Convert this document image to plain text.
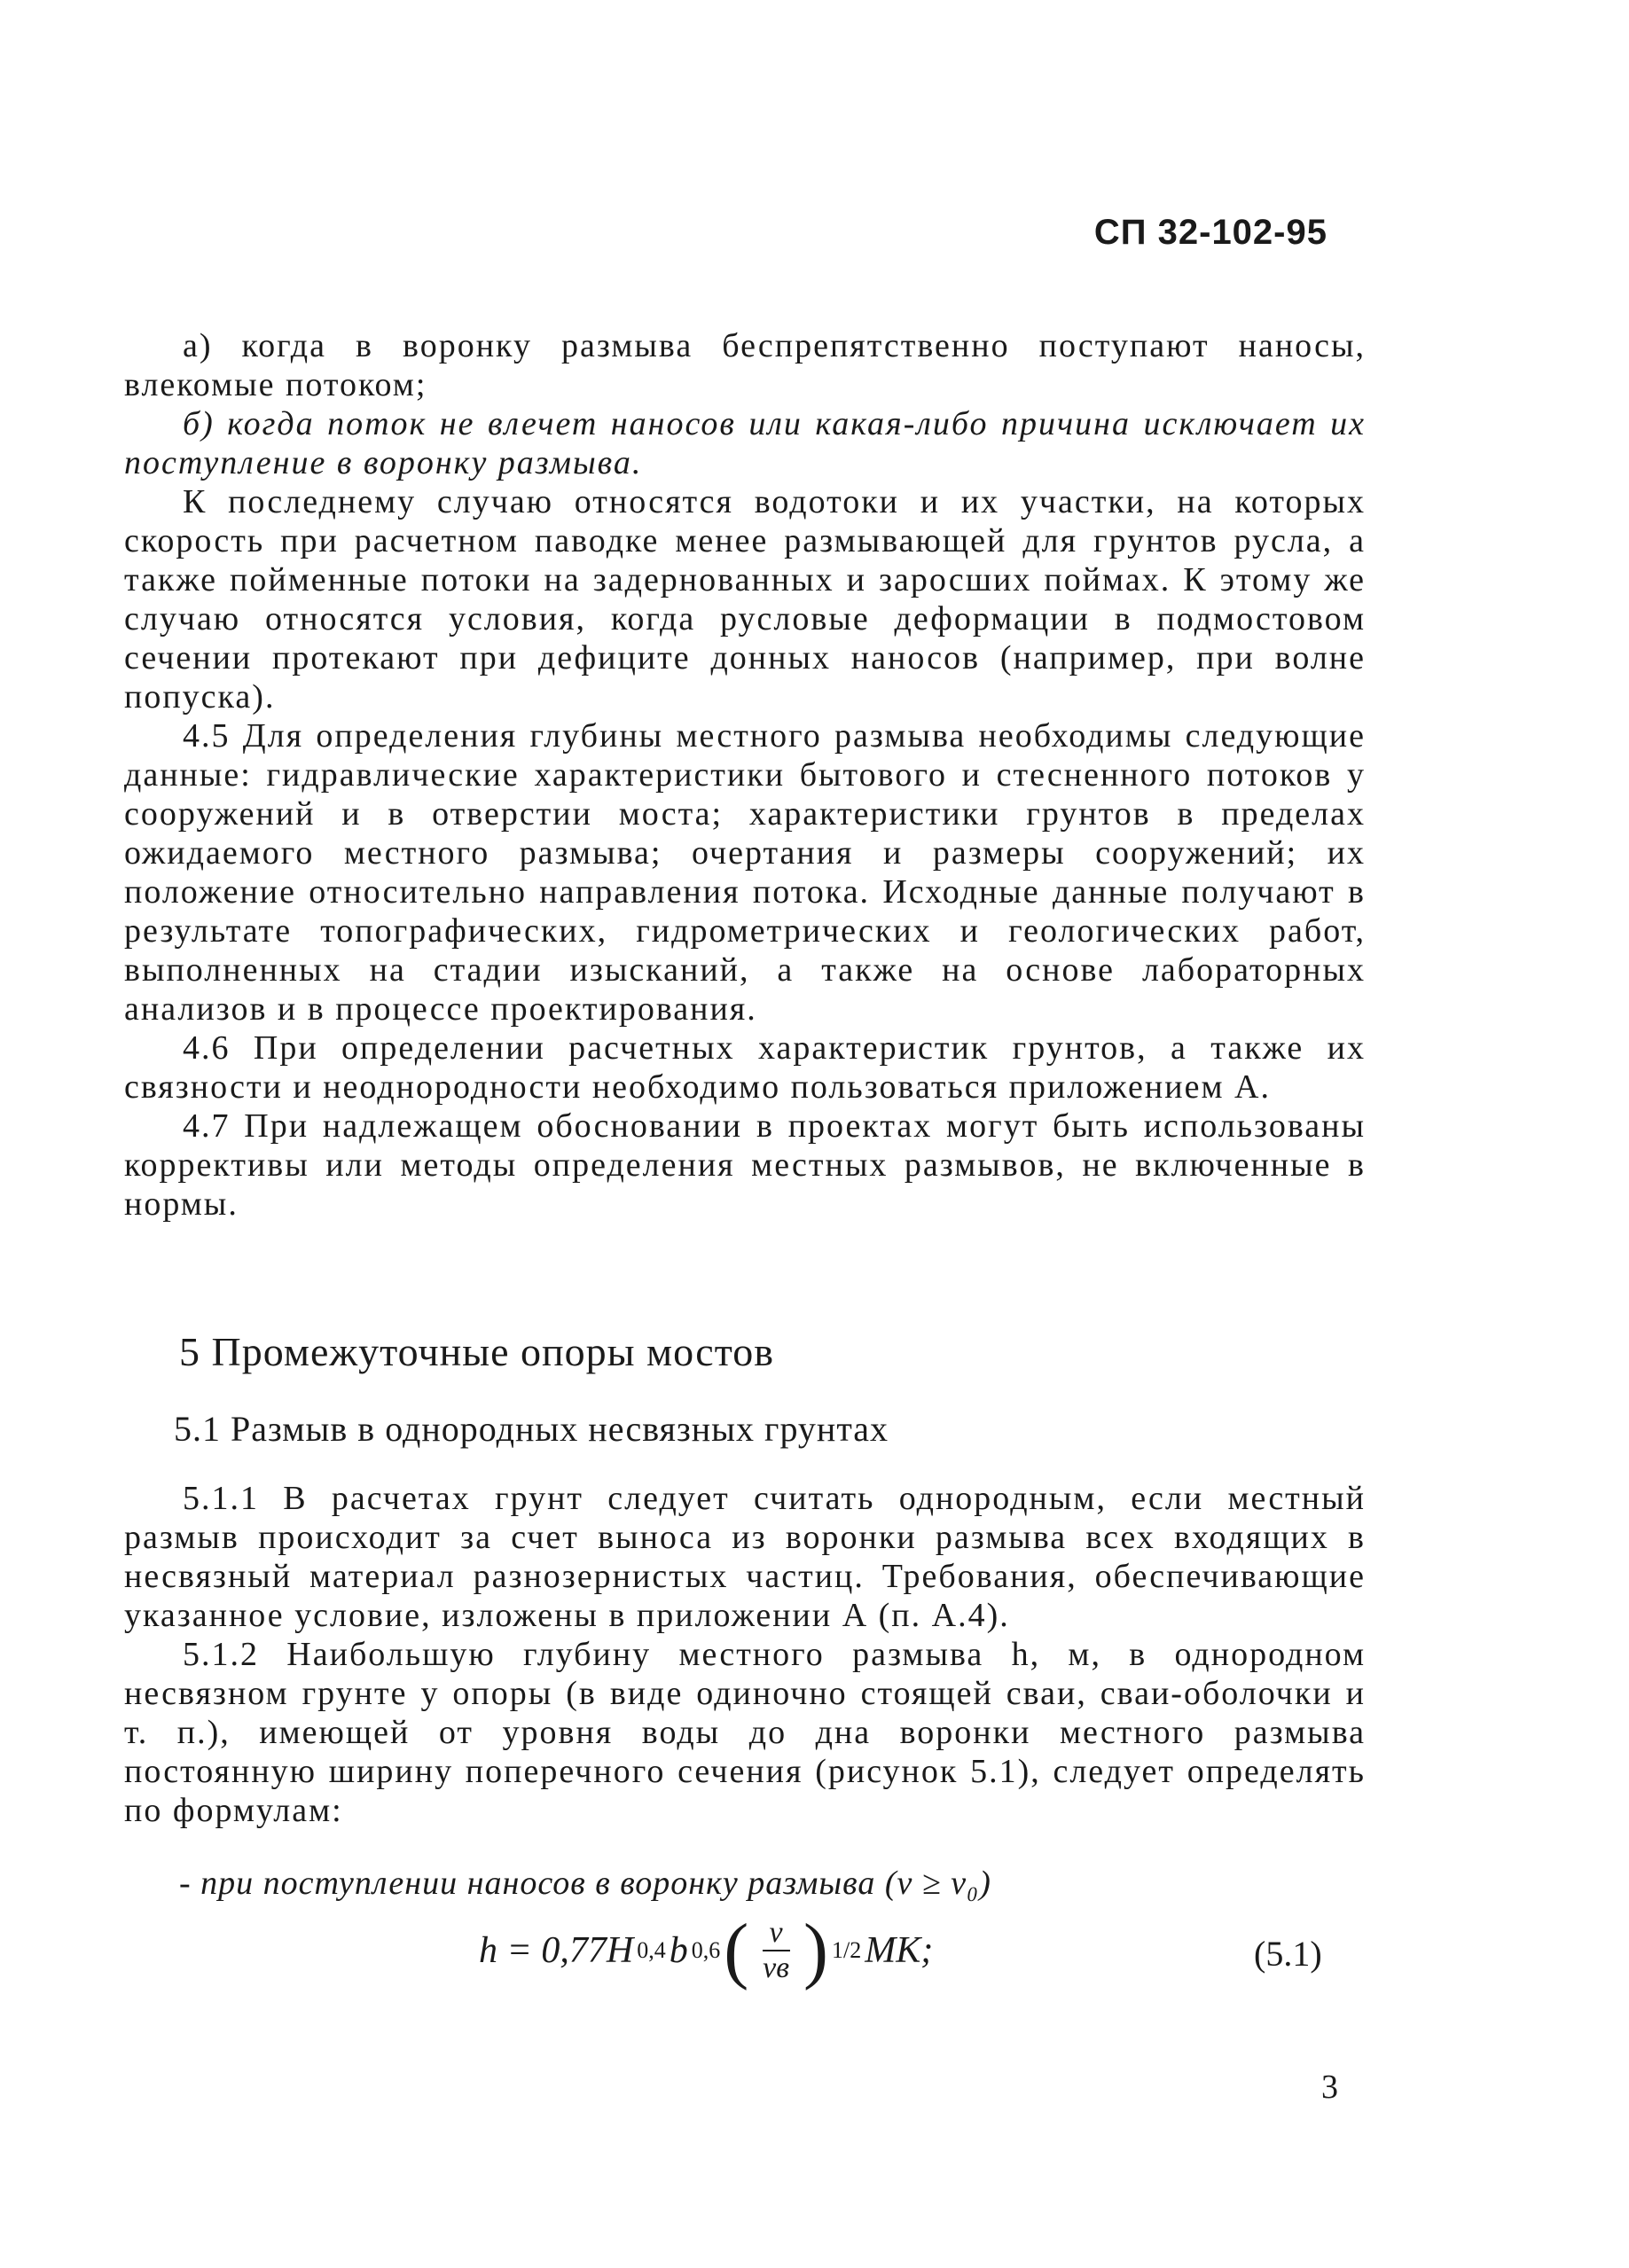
СП 32-102-95

а) когда в воронку размыва беспрепятственно поступают наносы, влекомые потоком;

б) когда поток не влечет наносов или какая-либо причина исключает их поступление в воронку размыва.

К последнему случаю относятся водотоки и их участки, на которых скорость при расчетном паводке менее размывающей для грунтов русла, а также пойменные потоки на задернованных и заросших поймах. К этому же случаю относятся условия, когда русловые деформации в подмостовом сечении протекают при дефиците донных наносов (например, при волне попуска).

4.5 Для определения глубины местного размыва необходимы следующие данные: гидравлические характеристики бытового и стесненного потоков у сооружений и в отверстии моста; характеристики грунтов в пределах ожидаемого местного размыва; очертания и размеры сооружений; их положение относительно направления потока. Исходные данные получают в результате топографических, гидрометрических и геологических работ, выполненных на стадии изысканий, а также на основе лабораторных анализов и в процессе проектирования.

4.6 При определении расчетных характеристик грунтов, а также их связности и неоднородности необходимо пользоваться приложением А.

4.7 При надлежащем обосновании в проектах могут быть использованы коррективы или методы определения местных размывов, не включенные в нормы.

5 Промежуточные опоры мостов
5.1 Размыв в однородных несвязных грунтах

5.1.1 В расчетах грунт следует считать однородным, если местный размыв происходит за счет выноса из воронки размыва всех входящих в несвязный материал разнозернистых частиц. Требования, обеспечивающие указанное условие, изложены в приложении А (п. А.4).

5.1.2 Наибольшую глубину местного размыва h, м, в однородном несвязном грунте у опоры (в виде одиночно стоящей сваи, сваи-оболочки и т. п.), имеющей от уровня воды до дна воронки местного размыва постоянную ширину поперечного сечения (рисунок 5.1), следует определять по формулам:

- при поступлении наносов в воронку размыва (v ≥ v₀)
h = 0,77H 0,4 b 0,6 ( $\frac{v}{vв}$ ) 1/2 MK;	(5.1)
3
